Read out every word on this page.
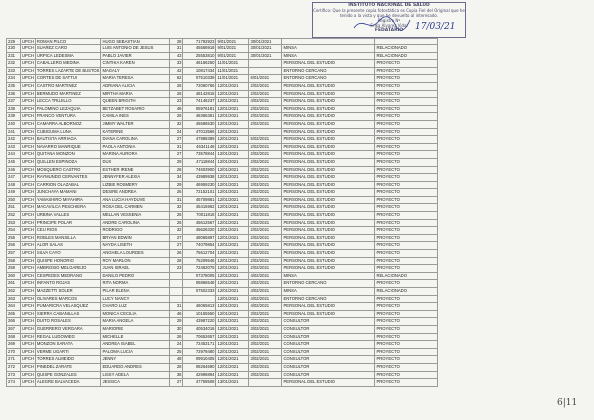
INSTITUTO NACIONAL DE SALUD
Certifico: Que la presente copia fotostática es Copia Fiel del Original que he tenido a la vista y que he devuelto al interesado.
Registro Nº
Erika Alvarez Vidal
FEDATARIO	17/03/21
229	UPCH	ROMAN PILCO	HUGO SEBASTIAN	28	71792923	9/01/2021	30/01/2021		
230	UPCH	SUAREZ CARO	LUIS ANTONIO DE JESUS	31	45568918	9/01/2021	30/01/2021	MINSA	RELACIONADO
231	UPCH	URPICA LEDESMA	PABLO JAVIER	43	25553810	9/01/2021	30/01/2021	MINSA	RELACIONADO
232	UPCH	CABALLERO MEDINA	CINTHIA KAREN	33	46166250	11/01/2021		PERSONAL DEL ESTUDIO	PROYECTO
233	UPCH	TORRES LAZARTE DE BUSTOS	MAGALY	42	10817434	11/01/2021		ENTORNO CERCANO	PROYECTO
234	UPCH	CORTES DE SATTUI	MARIA TERESA	62	07510339	11/01/2021	6/01/2021	ENTORNO CERCANO	PROYECTO
235	UPCH	CASTRO MARTINEZ	ADRIANA ALICIA	26	72060766	12/01/2021	2/02/2021	PERSONAL DEL ESTUDIO	PROYECTO
236	UPCH	BERMUDO MARTINEZ	MIRTHA MARIA	26	48142815	12/01/2021	2/02/2021	PERSONAL DEL ESTUDIO	PROYECTO
237	UPCH	LECCA TRUJILLO	QUEEN BRIGITH	23	74146237	12/01/2021	4/02/2021	PERSONAL DEL ESTUDIO	PROYECTO
238	UPCH	PALOMINO LEZAQUIA	BETZABET ROSARIO	46	05976181	12/01/2021	2/02/2021	PERSONAL DEL ESTUDIO	PROYECTO
239	UPCH	FRANCO VENTURA	CAMILA INES	26	48366361	12/01/2021	2/02/2021	PERSONAL DEL ESTUDIO	PROYECTO
240	UPCH	CAMARRA ALBORNOZ	JIMMY WALTER	32	45586530	12/01/2021	2/02/2021	PERSONAL DEL ESTUDIO	PROYECTO
241	UPCH	CUBIGUMA LUNA	KATERINE	24	47013566	12/01/2021		PERSONAL DEL ESTUDIO	PROYECTO
242	UPCH	BAUTISTA ARRIAGA	DIANA CAROLINA	27	47988389	12/01/2021	5/02/2021	PERSONAL DEL ESTUDIO	PROYECTO
243	UPCH	NAVARRO MANRIQUE	PAOLA ANTONIA	31	46341146	12/01/2021	2/02/2021	PERSONAL DEL ESTUDIO	PROYECTO
244	UPCH	QUITANA MONZON	MARINA AURORA	27	73578844	12/01/2021	2/02/2021	PERSONAL DEL ESTUDIO	PROYECTO
245	UPCH	QUILLEN ESPINOZA	DUX	29	47118844	12/01/2021	2/02/2021	PERSONAL DEL ESTUDIO	PROYECTO
246	UPCH	MOSQUERO CASTRO	ESTHER IRENE	26	74603900	12/01/2021	3/02/2021	PERSONAL DEL ESTUDIO	PROYECTO
247	UPCH	RAYMUNDO CERVANTES	JENNYFER ALEXIA	34	43989938	12/01/2021	2/02/2021	PERSONAL DEL ESTUDIO	PROYECTO
248	UPCH	CARRION OLAZABAL	LIZBIE ROSMERY	29	46959230	12/01/2021	2/02/2021	PERSONAL DEL ESTUDIO	PROYECTO
249	UPCH	JUNCHAYA MAMANI	DESIRE ANDREA	26	72152101	12/01/2021	2/02/2021	PERSONAL DEL ESTUDIO	PROYECTO
250	UPCH	YAMASHIRO MIYAHIRA	ANA LUCIA HAYDUVE	31	45709881	12/01/2021	2/02/2021	PERSONAL DEL ESTUDIO	PROYECTO
251	UPCH	MACAVILCA PESCHIERA	ROSA DEL CARMEN	32	45415962	12/01/2021	2/02/2021	PERSONAL DEL ESTUDIO	PROYECTO
252	UPCH	URBINA VALLES	MELLAN VESSENIA	26	70011816	12/01/2021	2/02/2021	PERSONAL DEL ESTUDIO	PROYECTO
253	UPCH	PRINCIPE POLAR	ANDRE CAROLINA	26	45612567	12/01/2021	2/02/2021	PERSONAL DEL ESTUDIO	PROYECTO
254	UPCH	CEU RIOS	RODRIGO	32	45626320	12/01/2021	2/02/2021	PERSONAL DEL ESTUDIO	PROYECTO
255	UPCH	ROBLES MANSILLA	BRYAN EDWIN	27	48065897	12/01/2021	2/02/2021	PERSONAL DEL ESTUDIO	PROYECTO
256	UPCH	ALOR SALAS	NAYDA LISETH	27	74079854	12/01/2021	2/02/2021	PERSONAL DEL ESTUDIO	PROYECTO
257	UPCH	SILVA CAYO	ANGHELA LOURDES	26	75612704	12/01/2021	2/02/2021	PERSONAL DEL ESTUDIO	PROYECTO
258	UPCH	QUISPE HONORIO	ROY MARLON	28	75209546	12/01/2021	2/02/2021	PERSONAL DEL ESTUDIO	PROYECTO
259	UPCH	AMBROSIO MELGAREJO	JUAN ISRAEL	23	72462075	12/01/2021	2/02/2021	PERSONAL DEL ESTUDIO	PROYECTO
260	UPCH	CESPEDES MEDRANO	DANILO PEDRO		07378005	12/01/2021	4/02/2021	MINSA	RELACIONADO
261	UPCH	INFANTO ROJAS	RITA NORMA		06866548	12/01/2021	4/02/2021	ENTORNO CERCANO	PROYECTO
262	UPCH	MAZZETTI SOLER	PILAR ELENA		07502333	12/01/2021	4/02/2021	MINSA	RELACIONADO
263	UPCH	OLIVARES MARCOS	LUCY NANCY			12/01/2021	4/02/2021	ENTORNO CERCANO	PROYECTO
264	UPCH	PUMARICRA VELASQUEZ	CHARO LUZ	31	46065813	12/01/2021	4/02/2021	PERSONAL DEL ESTUDIO	PROYECTO
265	UPCH	SIERRA CABANILLAS	MONICA CECILIA	46	10155550	12/01/2021	3/02/2021	PERSONAL DEL ESTUDIO	PROYECTO
266	UPCH	DUITO ROSALES	MARIA ANGELA	29	43987220	12/01/2021	3/02/2021	CONSULTOR	PROYECTO
267	UPCH	GUERRERO VERGARA	MARIORIE	30	40534016	12/01/2021	3/02/2021	CONSULTOR	PROYECTO
268	UPCH	REGAL LUDOWIEG	MICHELLE	26	70652657	12/01/2021	3/02/2021	CONSULTOR	PROYECTO
269	UPCH	MONZON SARATA	ANDREA ISABEL	24	72453171	12/01/2021	3/02/2021	CONSULTOR	PROYECTO
270	UPCH	VERME UGARTI	PALOMA LUCIA	25	72979480	12/01/2021	3/02/2021	CONSULTOR	PROYECTO
271	UPCH	TORRES ALMEIDO	JENNY	48	09910405	12/01/2021	3/02/2021	CONSULTOR	PROYECTO
272	UPCH	PINEDEL ZARATE	EDUARDO ANDRES	28	08264690	12/01/2021	3/02/2021	CONSULTOR	PROYECTO
273	UPCH	QUISPE GONZALES	LISSY ADELA	36	42996894	12/01/2021	3/02/2021	CONSULTOR	PROYECTO
274	UPCH	ALEGRE BALVACEDA	JESSICA	27	47759508	13/01/2021		PERSONAL DEL ESTUDIO	PROYECTO
6|11
